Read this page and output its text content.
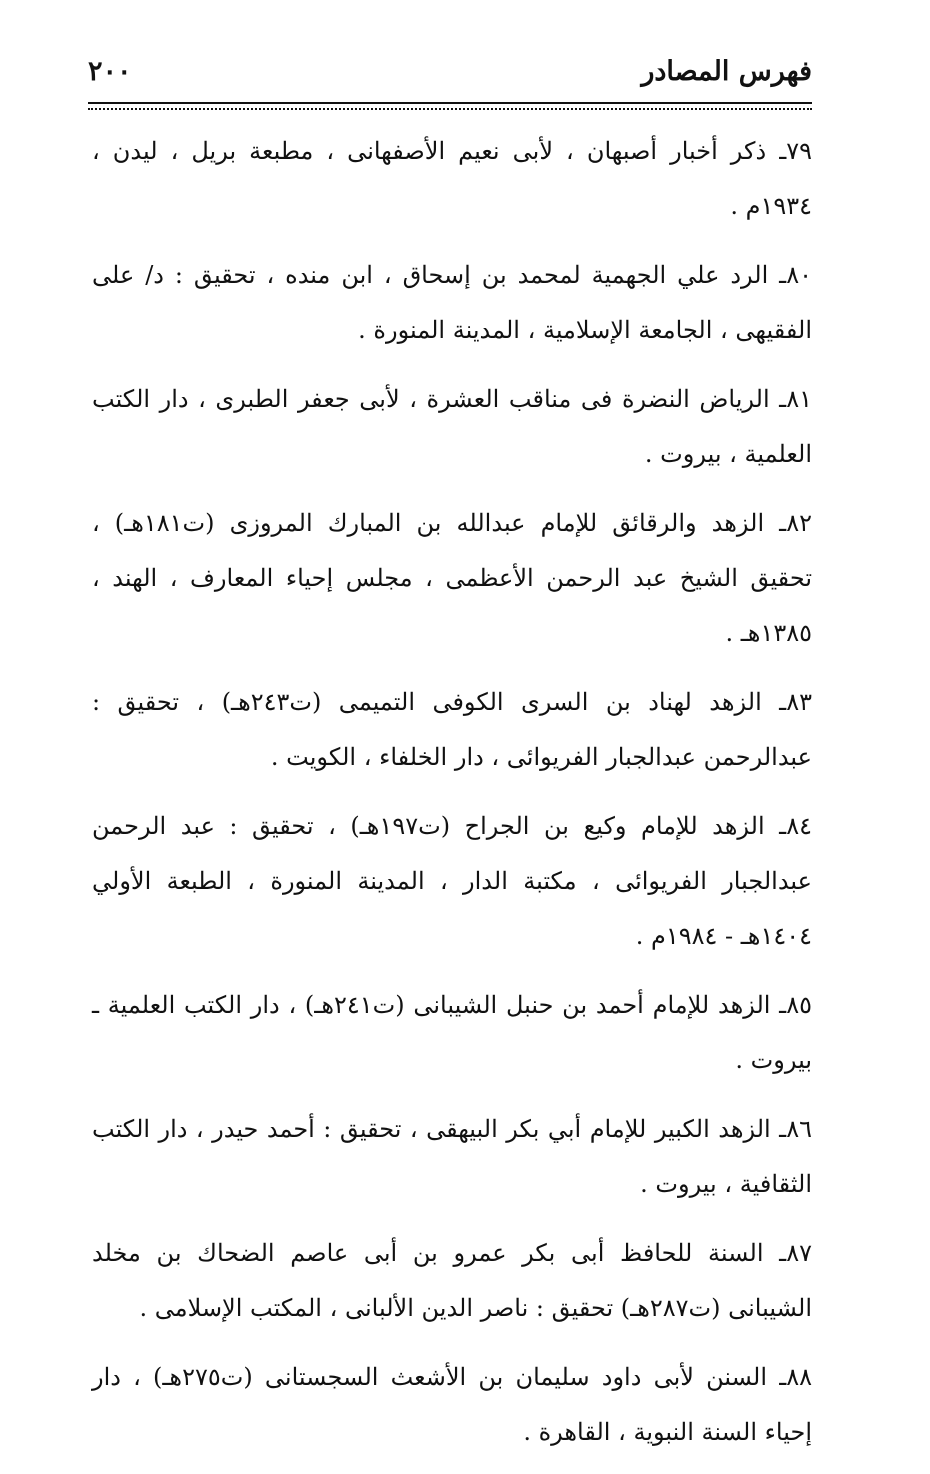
فهرس المصادر
٢٠٠
٧٩ـ ذكر أخبار أصبهان ، لأبى نعيم الأصفهانى ، مطبعة بريل ، ليدن ، ١٩٣٤م .
٨٠ـ الرد علي الجهمية لمحمد بن إسحاق ، ابن منده ، تحقيق : د/ على الفقيهى ، الجامعة الإسلامية ، المدينة المنورة .
٨١ـ الرياض النضرة فى مناقب العشرة ، لأبى جعفر الطبرى ، دار الكتب العلمية ، بيروت .
٨٢ـ الزهد والرقائق للإمام عبدالله بن المبارك المروزى (ت١٨١هـ) ، تحقيق الشيخ عبد الرحمن الأعظمى ، مجلس إحياء المعارف ، الهند ، ١٣٨٥هـ .
٨٣ـ الزهد لهناد بن السرى الكوفى التميمى (ت٢٤٣هـ) ، تحقيق : عبدالرحمن عبدالجبار الفريوائى ، دار الخلفاء ، الكويت .
٨٤ـ الزهد للإمام وكيع بن الجراح (ت١٩٧هـ) ، تحقيق : عبد الرحمن عبدالجبار الفريوائى ، مكتبة الدار ، المدينة المنورة ، الطبعة الأولي ١٤٠٤هـ - ١٩٨٤م .
٨٥ـ الزهد للإمام أحمد بن حنبل الشيبانى (ت٢٤١هـ) ، دار الكتب العلمية ـ بيروت .
٨٦ـ الزهد الكبير للإمام أبي بكر البيهقى ، تحقيق : أحمد حيدر ، دار الكتب الثقافية ، بيروت .
٨٧ـ السنة للحافظ أبى بكر عمرو بن أبى عاصم الضحاك بن مخلد الشيبانى (ت٢٨٧هـ) تحقيق : ناصر الدين الألبانى ، المكتب الإسلامى .
٨٨ـ السنن لأبى داود سليمان بن الأشعث السجستانى (ت٢٧٥هـ) ، دار إحياء السنة النبوية ، القاهرة .
